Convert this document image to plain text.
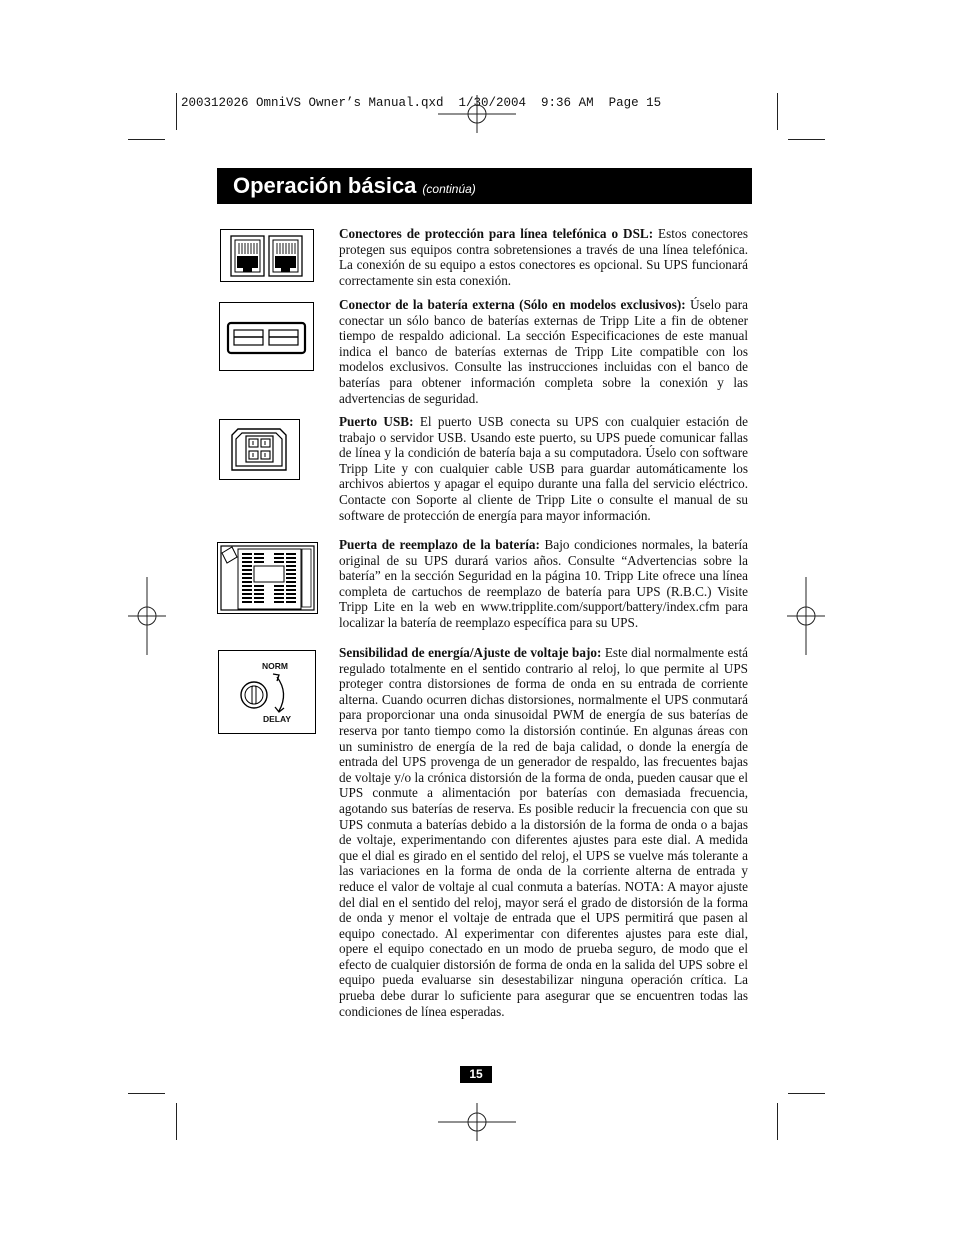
200312026 OmniVS Owner’s Manual.qxd  1/30/2004  9:36 AM  Page 15
Operación básica (continúa)
NORM
DELAY
Conectores de protección para línea telefónica o DSL: Estos conectores protegen sus equipos contra sobretensiones a través de una línea telefónica. La conexión de su equipo a estos conectores es opcional. Su UPS funcionará correctamente sin esta conexión.
Conector de la batería externa (Sólo en modelos exclusivos): Úselo para conectar un sólo banco de baterías externas de Tripp Lite a fin de obtener tiempo de respaldo adicional. La sección Especificaciones de este manual indica el banco de baterías externas de Tripp Lite compatible con los modelos exclusivos. Consulte las instrucciones incluidas con el banco de baterías para obtener información completa sobre la conexión y las advertencias de seguridad.
Puerto USB: El puerto USB conecta su UPS con cualquier estación de trabajo o servidor USB. Usando este puerto, su UPS puede comunicar fallas de línea y la condición de batería baja a su computadora. Úselo con software Tripp Lite y con cualquier cable USB para guardar automáticamente los archivos abiertos y apagar el equipo durante una falla del servicio eléctrico. Contacte con Soporte al cliente de Tripp Lite o consulte el manual de su software de protección de energía para mayor información.
Puerta de reemplazo de la batería: Bajo condiciones normales, la batería original de su UPS durará varios años. Consulte “Advertencias sobre la batería” en la sección Seguridad en la página 10. Tripp Lite ofrece una línea completa de cartuchos de reemplazo de batería para UPS (R.B.C.) Visite Tripp Lite en la web en www.tripplite.com/support/battery/index.cfm para localizar la batería de reemplazo específica para su UPS.
Sensibilidad de energía/Ajuste de voltaje bajo: Este dial normalmente está regulado totalmente en el sentido contrario al reloj, lo que permite al UPS proteger contra distorsiones de forma de onda en su entrada de corriente alterna. Cuando ocurren dichas distorsiones, normalmente el UPS conmutará para proporcionar una onda sinusoidal PWM de energía de sus baterías de reserva por tanto tiempo como la distorsión continúe. En algunas áreas con un suministro de energía de la red de baja calidad, o donde la energía de entrada del UPS provenga de un generador de respaldo, las frecuentes bajas de voltaje y/o la crónica distorsión de la forma de onda, pueden causar que el UPS conmute a alimentación por baterías con demasiada frecuencia, agotando sus baterías de reserva. Es posible reducir la frecuencia con que su UPS conmuta a baterías debido a la distorsión de la forma de onda o a bajas de voltaje, experimentando con diferentes ajustes para este dial. A medida que el dial es girado en el sentido del reloj, el UPS se vuelve más tolerante a las variaciones en la forma de onda de la corriente alterna de entrada y reduce el valor de voltaje al cual conmuta a baterías. NOTA: A mayor ajuste del dial en el sentido del reloj, mayor será el grado de distorsión de la forma de onda y menor el voltaje de entrada que el UPS permitirá que pasen al equipo conectado. Al experimentar con diferentes ajustes para este dial, opere el equipo conectado en un modo de prueba seguro, de modo que el efecto de cualquier distorsión de forma de onda en la salida del UPS sobre el equipo pueda evaluarse sin desestabilizar ninguna operación crítica. La prueba debe durar lo suficiente para asegurar que se encuentren todas las condiciones de línea esperadas.
15
